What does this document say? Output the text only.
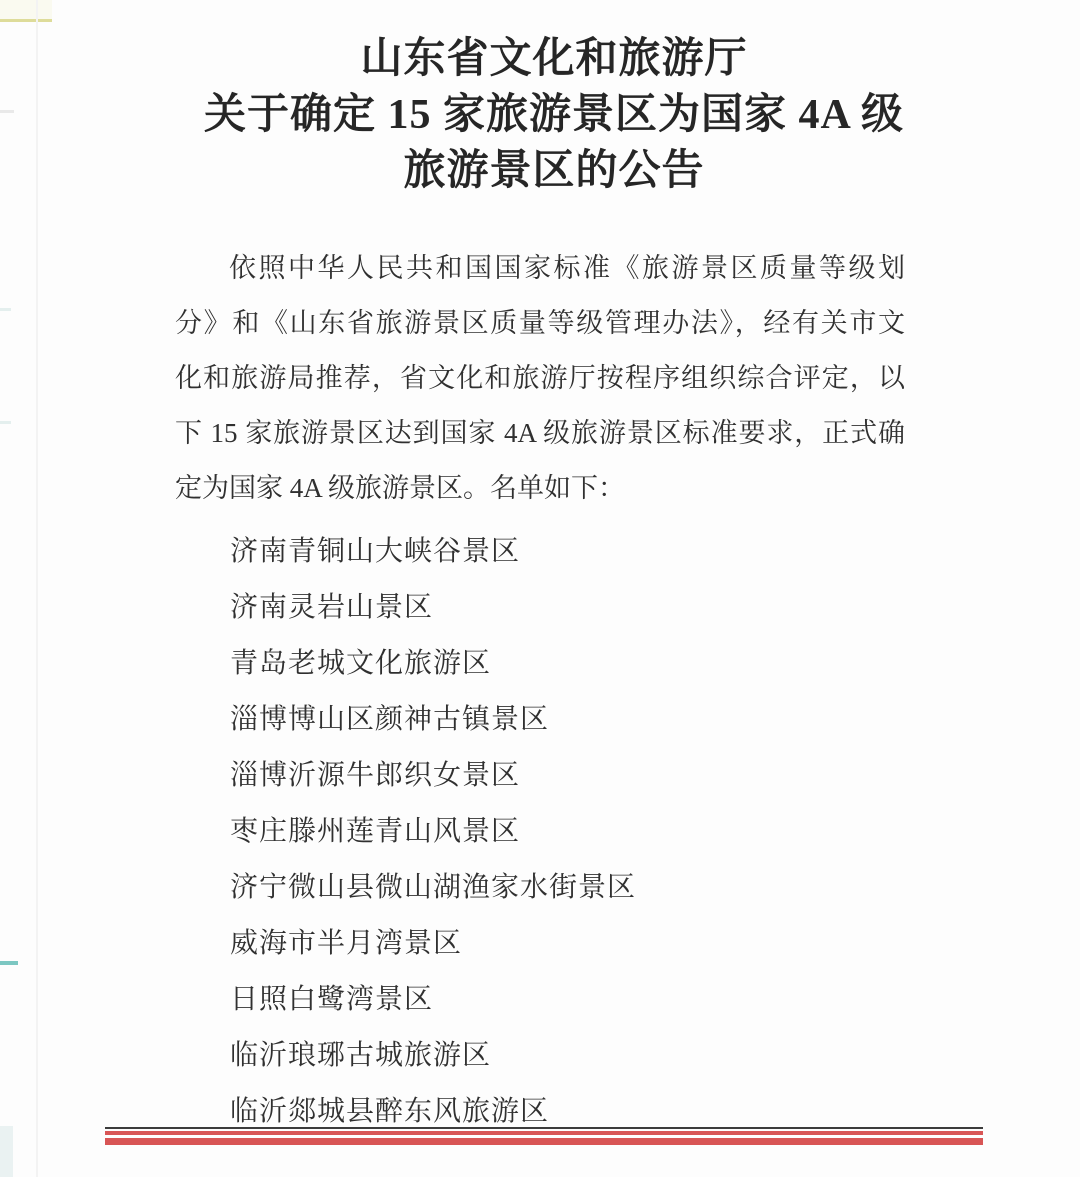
山东省文化和旅游厅
关于确定 15 家旅游景区为国家 4A 级
旅游景区的公告
依照中华人民共和国国家标准《旅游景区质量等级划
分》和《山东省旅游景区质量等级管理办法》，经有关市文
化和旅游局推荐，省文化和旅游厅按程序组织综合评定，以
下 15 家旅游景区达到国家 4A 级旅游景区标准要求，正式确
定为国家 4A 级旅游景区。名单如下：
济南青铜山大峡谷景区
济南灵岩山景区
青岛老城文化旅游区
淄博博山区颜神古镇景区
淄博沂源牛郎织女景区
枣庄滕州莲青山风景区
济宁微山县微山湖渔家水街景区
威海市半月湾景区
日照白鹭湾景区
临沂琅琊古城旅游区
临沂郯城县醉东风旅游区
